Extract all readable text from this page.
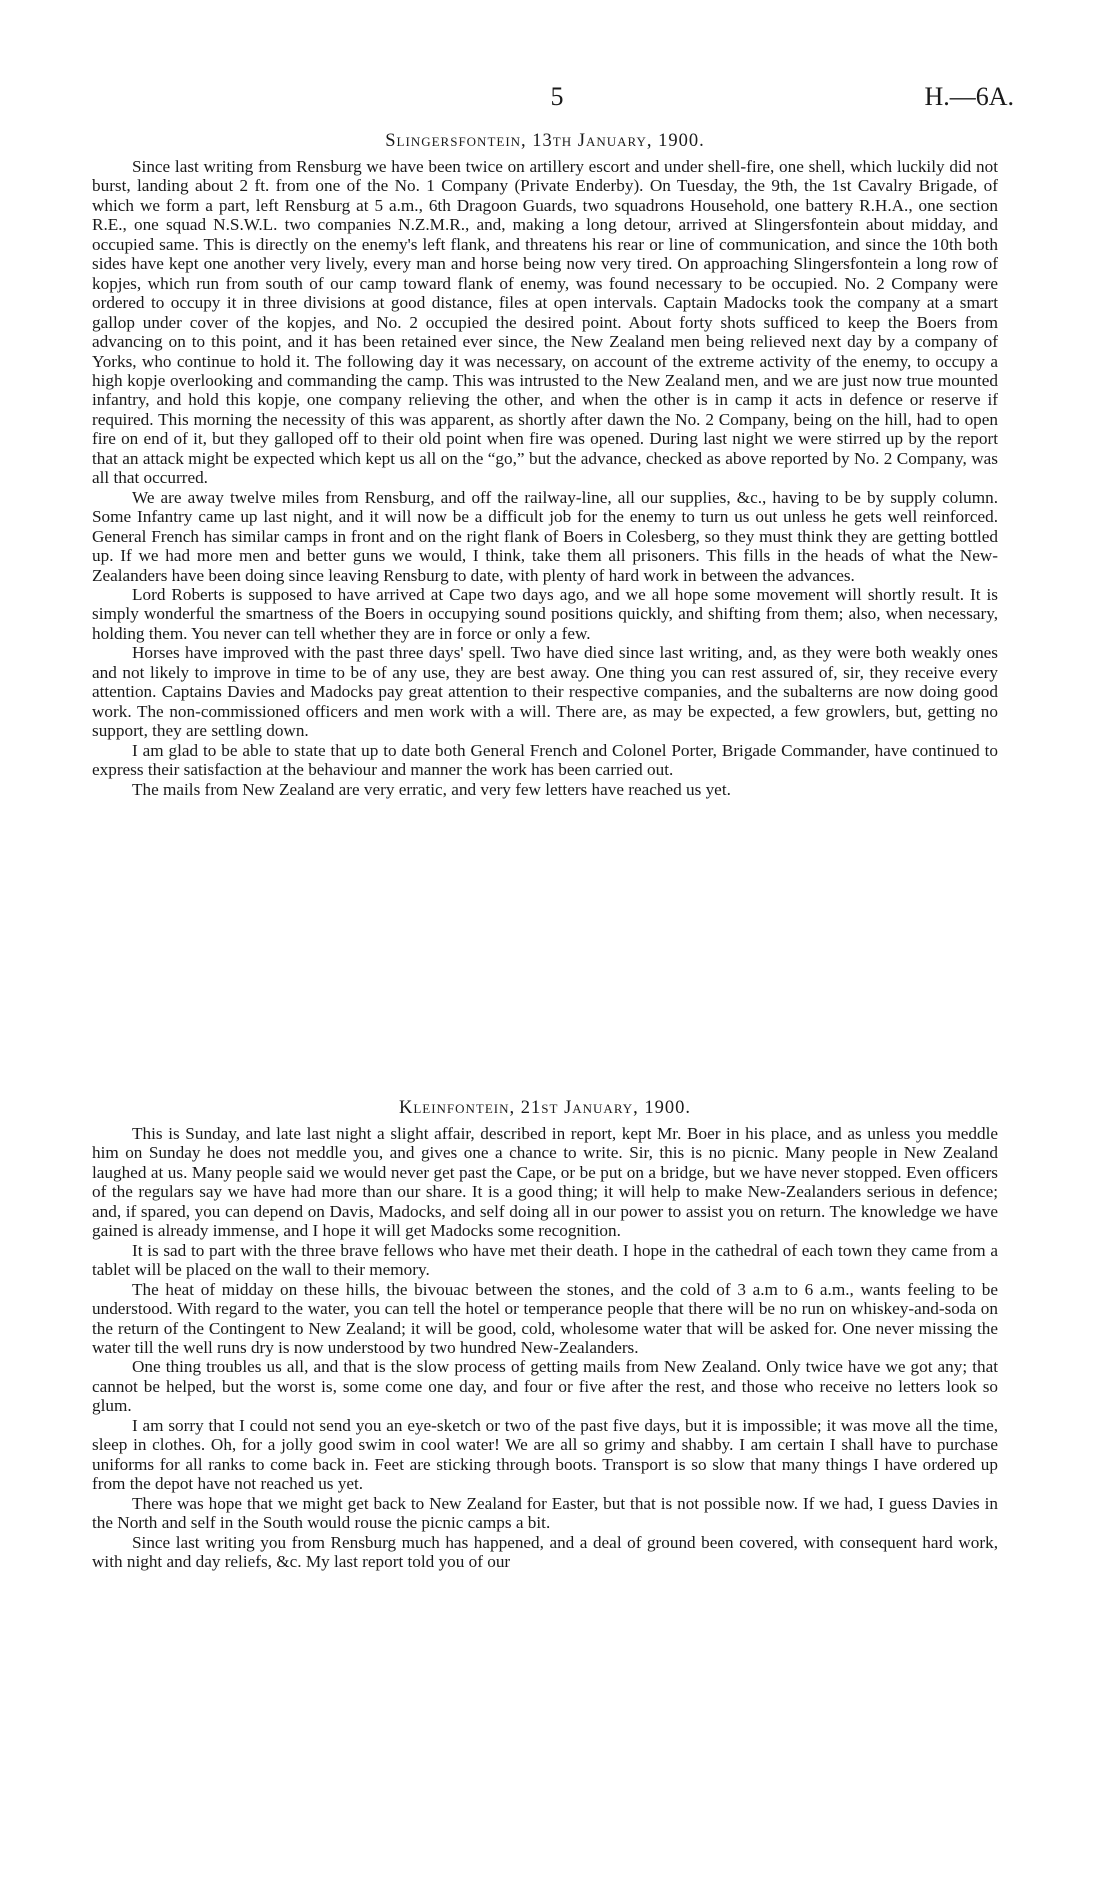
5	H.—6A.
Slingersfontein, 13th January, 1900.

Since last writing from Rensburg we have been twice on artillery escort and under shell-fire, one shell, which luckily did not burst, landing about 2 ft. from one of the No. 1 Company (Private Enderby). On Tuesday, the 9th, the 1st Cavalry Brigade, of which we form a part, left Rensburg at 5 a.m., 6th Dragoon Guards, two squadrons Household, one battery R.H.A., one section R.E., one squad N.S.W.L. two companies N.Z.M.R., and, making a long detour, arrived at Slingersfontein about midday, and occupied same. This is directly on the enemy's left flank, and threatens his rear or line of communication, and since the 10th both sides have kept one another very lively, every man and horse being now very tired. On approaching Slingersfontein a long row of kopjes, which run from south of our camp toward flank of enemy, was found necessary to be occupied. No. 2 Company were ordered to occupy it in three divisions at good distance, files at open intervals. Captain Madocks took the company at a smart gallop under cover of the kopjes, and No. 2 occupied the desired point. About forty shots sufficed to keep the Boers from advancing on to this point, and it has been retained ever since, the New Zealand men being relieved next day by a company of Yorks, who continue to hold it. The following day it was necessary, on account of the extreme activity of the enemy, to occupy a high kopje overlooking and commanding the camp. This was intrusted to the New Zealand men, and we are just now true mounted infantry, and hold this kopje, one company relieving the other, and when the other is in camp it acts in defence or reserve if required. This morning the necessity of this was apparent, as shortly after dawn the No. 2 Company, being on the hill, had to open fire on end of it, but they galloped off to their old point when fire was opened. During last night we were stirred up by the report that an attack might be expected which kept us all on the “go,” but the advance, checked as above reported by No. 2 Company, was all that occurred.

We are away twelve miles from Rensburg, and off the railway-line, all our supplies, &c., having to be by supply column. Some Infantry came up last night, and it will now be a difficult job for the enemy to turn us out unless he gets well reinforced. General French has similar camps in front and on the right flank of Boers in Colesberg, so they must think they are getting bottled up. If we had more men and better guns we would, I think, take them all prisoners. This fills in the heads of what the New-Zealanders have been doing since leaving Rensburg to date, with plenty of hard work in between the advances.

Lord Roberts is supposed to have arrived at Cape two days ago, and we all hope some movement will shortly result. It is simply wonderful the smartness of the Boers in occupying sound positions quickly, and shifting from them; also, when necessary, holding them. You never can tell whether they are in force or only a few.

Horses have improved with the past three days' spell. Two have died since last writing, and, as they were both weakly ones and not likely to improve in time to be of any use, they are best away. One thing you can rest assured of, sir, they receive every attention. Captains Davies and Madocks pay great attention to their respective companies, and the subalterns are now doing good work. The non-commissioned officers and men work with a will. There are, as may be expected, a few growlers, but, getting no support, they are settling down.

I am glad to be able to state that up to date both General French and Colonel Porter, Brigade Commander, have continued to express their satisfaction at the behaviour and manner the work has been carried out.

The mails from New Zealand are very erratic, and very few letters have reached us yet.

Kleinfontein, 21st January, 1900.

This is Sunday, and late last night a slight affair, described in report, kept Mr. Boer in his place, and as unless you meddle him on Sunday he does not meddle you, and gives one a chance to write. Sir, this is no picnic. Many people in New Zealand laughed at us. Many people said we would never get past the Cape, or be put on a bridge, but we have never stopped. Even officers of the regulars say we have had more than our share. It is a good thing; it will help to make New-Zealanders serious in defence; and, if spared, you can depend on Davis, Madocks, and self doing all in our power to assist you on return. The knowledge we have gained is already immense, and I hope it will get Madocks some recognition.

It is sad to part with the three brave fellows who have met their death. I hope in the cathedral of each town they came from a tablet will be placed on the wall to their memory.

The heat of midday on these hills, the bivouac between the stones, and the cold of 3 a.m to 6 a.m., wants feeling to be understood. With regard to the water, you can tell the hotel or temperance people that there will be no run on whiskey-and-soda on the return of the Contingent to New Zealand; it will be good, cold, wholesome water that will be asked for. One never missing the water till the well runs dry is now understood by two hundred New-Zealanders.

One thing troubles us all, and that is the slow process of getting mails from New Zealand. Only twice have we got any; that cannot be helped, but the worst is, some come one day, and four or five after the rest, and those who receive no letters look so glum.

I am sorry that I could not send you an eye-sketch or two of the past five days, but it is impossible; it was move all the time, sleep in clothes. Oh, for a jolly good swim in cool water! We are all so grimy and shabby. I am certain I shall have to purchase uniforms for all ranks to come back in. Feet are sticking through boots. Transport is so slow that many things I have ordered up from the depot have not reached us yet.

There was hope that we might get back to New Zealand for Easter, but that is not possible now. If we had, I guess Davies in the North and self in the South would rouse the picnic camps a bit.

Since last writing you from Rensburg much has happened, and a deal of ground been covered, with consequent hard work, with night and day reliefs, &c. My last report told you of our
